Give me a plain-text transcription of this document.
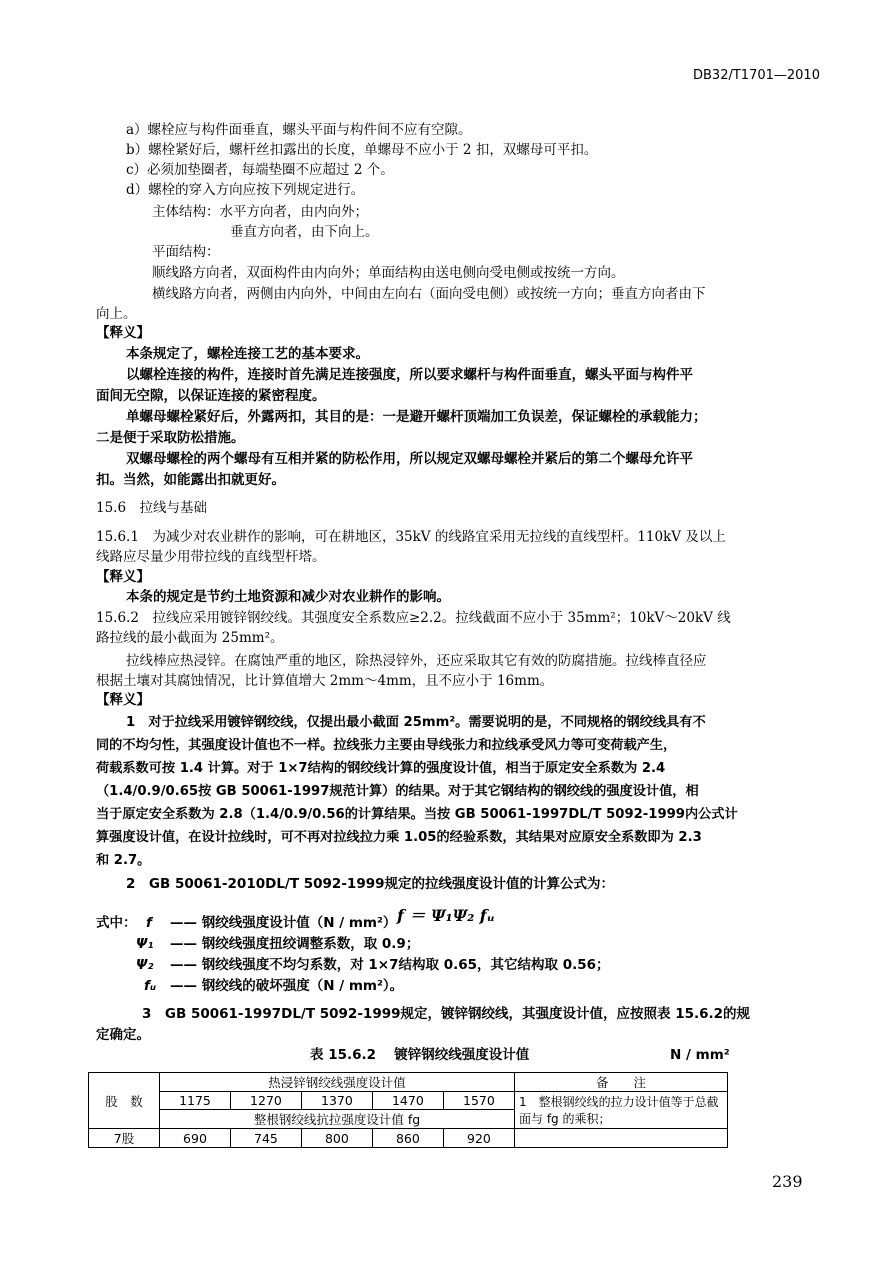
DB32/T1701—2010
a）螺栓应与构件面垂直，螺头平面与构件间不应有空隙。
b）螺栓紧好后，螺杆丝扣露出的长度，单螺母不应小于 2 扣，双螺母可平扣。
c）必须加垫圈者，每端垫圈不应超过 2 个。
d）螺栓的穿入方向应按下列规定进行。
主体结构：水平方向者，由内向外；
垂直方向者，由下向上。
平面结构：
顺线路方向者，双面构件由内向外；单面结构由送电侧向受电侧或按统一方向。
横线路方向者，两侧由内向外，中间由左向右（面向受电侧）或按统一方向；垂直方向者由下
向上。
【释义】
本条规定了，螺栓连接工艺的基本要求。
以螺栓连接的构件，连接时首先满足连接强度，所以要求螺杆与构件面垂直，螺头平面与构件平
面间无空隙，以保证连接的紧密程度。
单螺母螺栓紧好后，外露两扣，其目的是：一是避开螺杆顶端加工负误差，保证螺栓的承载能力；
二是便于采取防松措施。
双螺母螺栓的两个螺母有互相并紧的防松作用，所以规定双螺母螺栓并紧后的第二个螺母允许平
扣。当然，如能露出扣就更好。
15.6　拉线与基础
15.6.1　为减少对农业耕作的影响，可在耕地区，35kV 的线路宜采用无拉线的直线型杆。110kV 及以上
线路应尽量少用带拉线的直线型杆塔。
【释义】
本条的规定是节约土地资源和减少对农业耕作的影响。
15.6.2　拉线应采用镀锌钢绞线。其强度安全系数应≥2.2。拉线截面不应小于 35mm²；10kV～20kV 线
路拉线的最小截面为 25mm²。
拉线棒应热浸锌。在腐蚀严重的地区，除热浸锌外，还应采取其它有效的防腐措施。拉线棒直径应
根据土壤对其腐蚀情况，比计算值增大 2mm～4mm，且不应小于 16mm。
【释义】
1　对于拉线采用镀锌钢绞线，仅提出最小截面 25mm²。需要说明的是，不同规格的钢绞线具有不
同的不均匀性，其强度设计值也不一样。拉线张力主要由导线张力和拉线承受风力等可变荷载产生，
荷载系数可按 1.4 计算。对于 1×7结构的钢绞线计算的强度设计值，相当于原定安全系数为 2.4
（1.4/0.9/0.65按 GB 50061-1997规范计算）的结果。对于其它钢结构的钢绞线的强度设计值，相
当于原定安全系数为 2.8（1.4/0.9/0.56的计算结果。当按 GB 50061-1997DL/T 5092-1999内公式计
算强度设计值，在设计拉线时，可不再对拉线拉力乘 1.05的经验系数，其结果对应原安全系数即为 2.3
和 2.7。
2　GB 50061-2010DL/T 5092-1999规定的拉线强度设计值的计算公式为：
f ＝ Ψ₁Ψ₂ fᵤ
式中： f —— 钢绞线强度设计值（N / mm²）
Ψ₁ —— 钢绞线强度扭绞调整系数，取 0.9；
Ψ₂ —— 钢绞线强度不均匀系数，对 1×7结构取 0.65，其它结构取 0.56；
fᵤ —— 钢绞线的破坏强度（N / mm²）。
3　GB 50061-1997DL/T 5092-1999规定，镀锌钢绞线，其强度设计值，应按照表 15.6.2的规
定确定。
表 15.6.2　 镀锌钢绞线强度设计值	N / mm²
股　数	热浸锌钢绞线强度设计值					备　　注
	1175	1270	1370	1470	1570	1　整根钢绞线的拉力设计值等于总截面与 fg 的乘积；
	整根钢绞线抗拉强度设计值 fg					
7股	690	745	800	860	920	
239
